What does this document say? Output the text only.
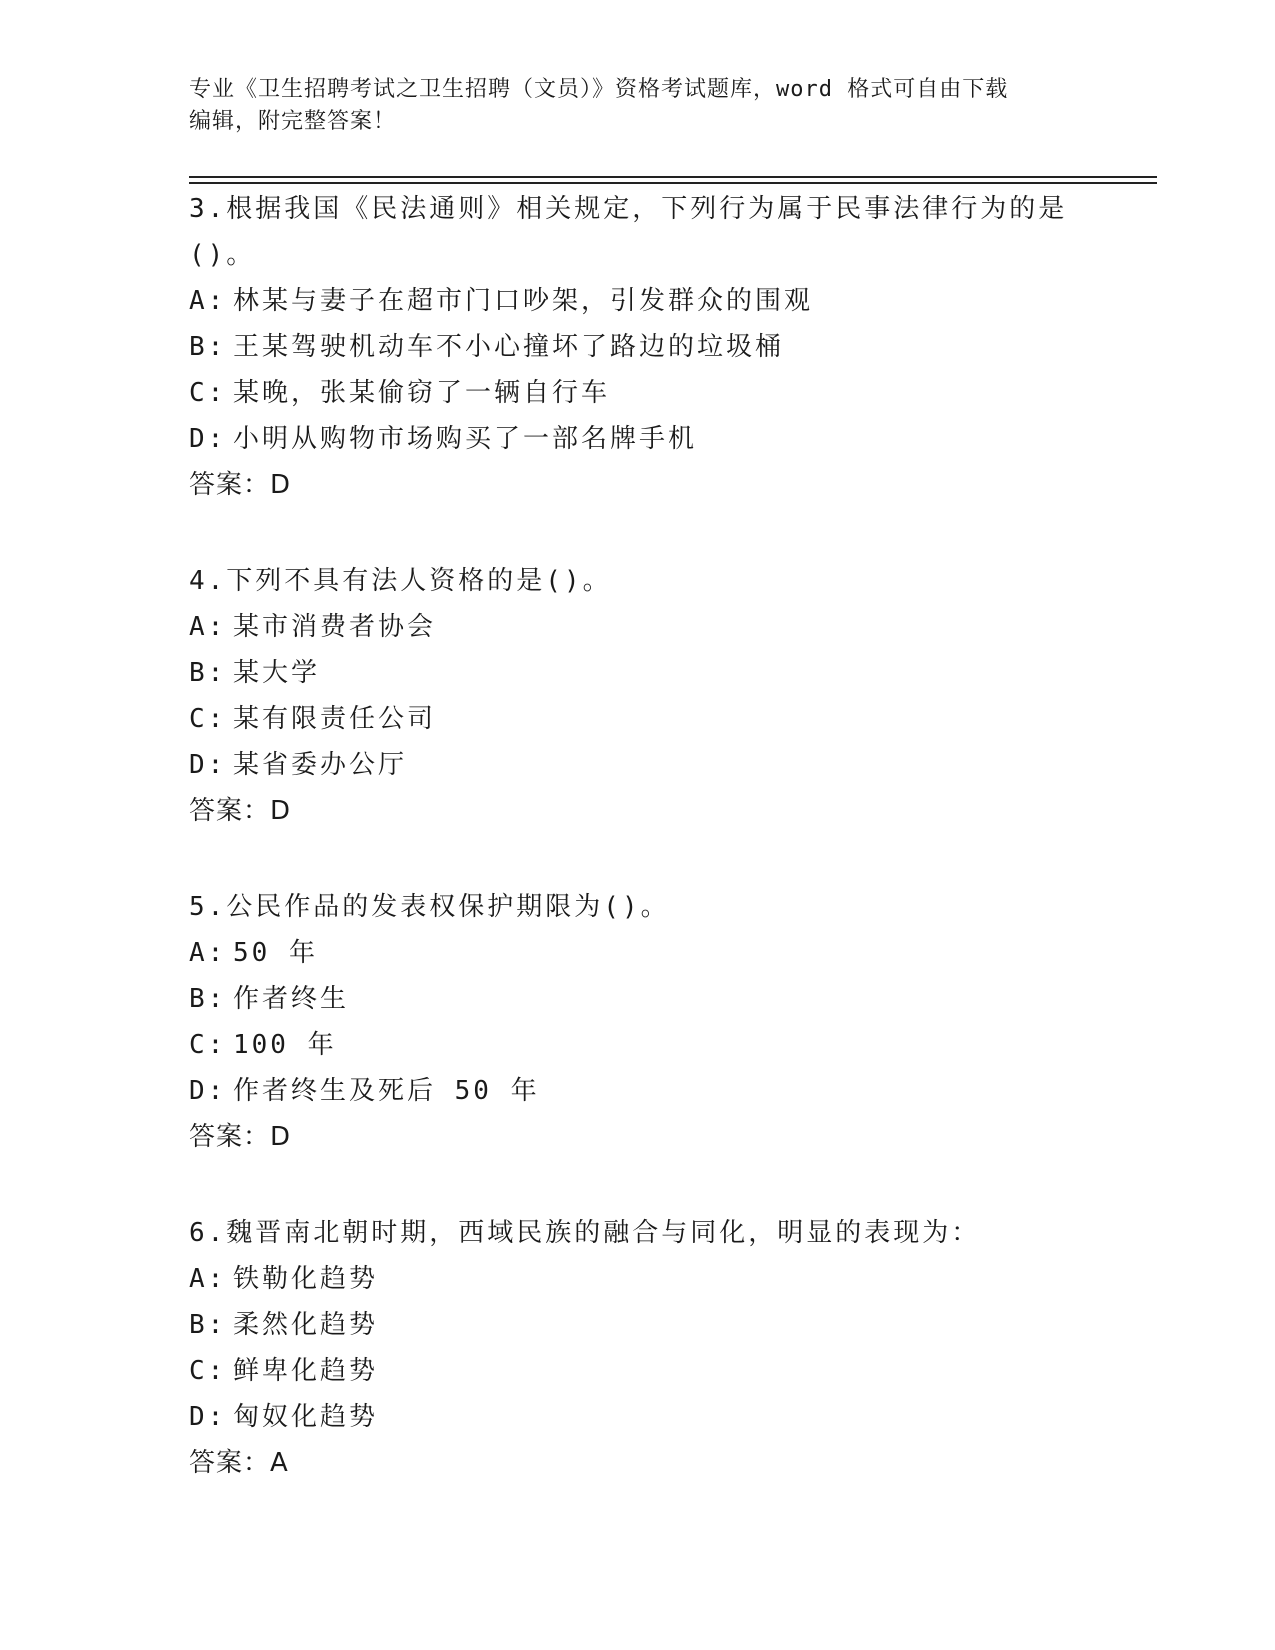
专业《卫生招聘考试之卫生招聘（文员）》资格考试题库，word 格式可自由下载
编辑，附完整答案！
3.根据我国《民法通则》相关规定，下列行为属于民事法律行为的是
()。
A: 林某与妻子在超市门口吵架，引发群众的围观
B: 王某驾驶机动车不小心撞坏了路边的垃圾桶
C: 某晚，张某偷窃了一辆自行车
D: 小明从购物市场购买了一部名牌手机
答案：D
4.下列不具有法人资格的是()。
A: 某市消费者协会
B: 某大学
C: 某有限责任公司
D: 某省委办公厅
答案：D
5.公民作品的发表权保护期限为()。
A: 50 年
B: 作者终生
C: 100 年
D: 作者终生及死后 50 年
答案：D
6.魏晋南北朝时期，西域民族的融合与同化，明显的表现为：
A: 铁勒化趋势
B: 柔然化趋势
C: 鲜卑化趋势
D: 匈奴化趋势
答案：A
